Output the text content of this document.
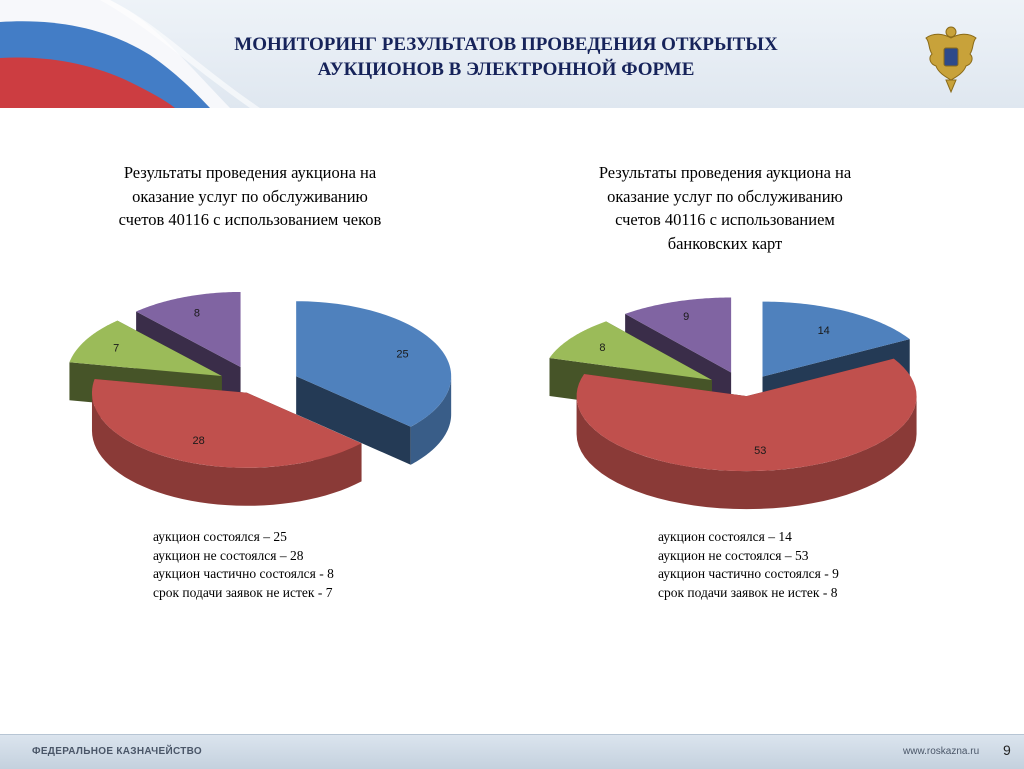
МОНИТОРИНГ РЕЗУЛЬТАТОВ ПРОВЕДЕНИЯ ОТКРЫТЫХ
АУКЦИОНОВ В ЭЛЕКТРОННОЙ ФОРМЕ
Результаты проведения аукциона на
оказание услуг по обслуживанию
счетов 40116 с использованием чеков
25
28
7
8
аукцион состоялся – 25
аукцион не состоялся – 28
аукцион частично состоялся - 8
срок подачи заявок не истек - 7
Результаты проведения аукциона на
оказание услуг по обслуживанию
счетов 40116 с использованием
банковских карт
14
53
8
9
аукцион состоялся – 14
аукцион не состоялся – 53
аукцион частично состоялся - 9
срок подачи заявок не истек - 8
ФЕДЕРАЛЬНОЕ КАЗНАЧЕЙСТВО	www.roskazna.ru 9
